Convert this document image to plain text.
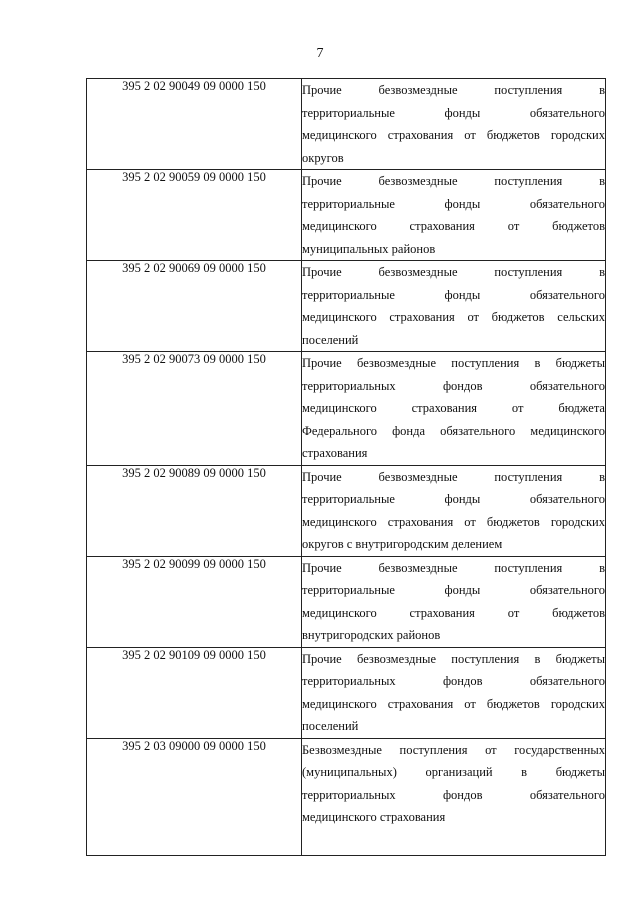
7
395 2 02 90049 09 0000 150	Прочие безвозмездные поступления в
территориальные фонды обязательного
медицинского страхования от бюджетов городских
округов

395 2 02 90059 09 0000 150	Прочие безвозмездные поступления в
территориальные фонды обязательного
медицинского страхования от бюджетов
муниципальных районов

395 2 02 90069 09 0000 150	Прочие безвозмездные поступления в
территориальные фонды обязательного
медицинского страхования от бюджетов сельских
поселений

395 2 02 90073 09 0000 150	Прочие безвозмездные поступления в бюджеты
территориальных фондов обязательного
медицинского страхования от бюджета
Федерального фонда обязательного медицинского
страхования

395 2 02 90089 09 0000 150	Прочие безвозмездные поступления в
территориальные фонды обязательного
медицинского страхования от бюджетов городских
округов с внутригородским делением

395 2 02 90099 09 0000 150	Прочие безвозмездные поступления в
территориальные фонды обязательного
медицинского страхования от бюджетов
внутригородских районов

395 2 02 90109 09 0000 150	Прочие безвозмездные поступления в бюджеты
территориальных фондов обязательного
медицинского страхования от бюджетов городских
поселений

395 2 03 09000 09 0000 150	Безвозмездные поступления от государственных
(муниципальных) организаций в бюджеты
территориальных фондов обязательного
медицинского страхования
